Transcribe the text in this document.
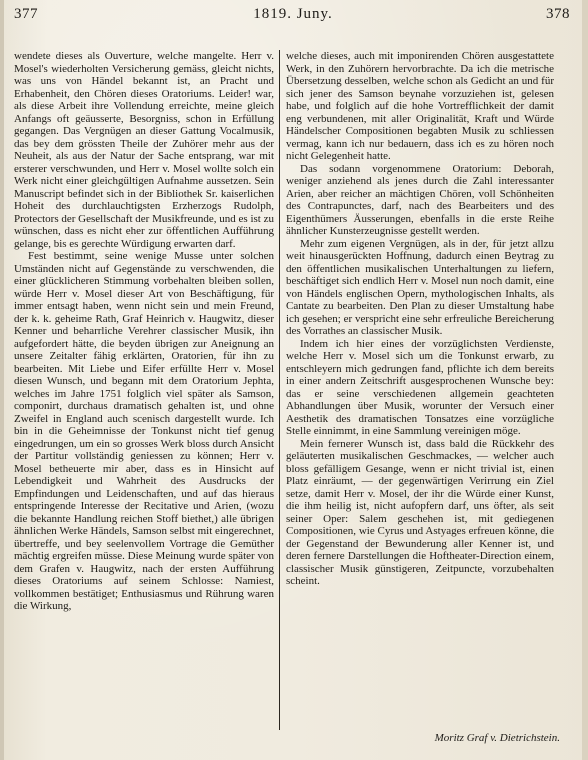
377	1819. Juny.	378

wendete dieses als Ouverture, welche mangelte. Herr v. Mosel's wiederholten Versicherung gemäss, gleicht nichts, was uns von Händel bekannt ist, an Pracht und Erhabenheit, den Chören dieses Oratoriums. Leider! war, als diese Arbeit ihre Vollendung erreichte, meine gleich Anfangs oft geäusserte, Besorgniss, schon in Erfüllung gegangen. Das Vergnügen an dieser Gattung Vocalmusik, das bey dem grössten Theile der Zuhörer mehr aus der Neuheit, als aus der Natur der Sache entsprang, war mit ersterer verschwunden, und Herr v. Mosel wollte solch ein Werk nicht einer gleichgültigen Aufnahme aussetzen. Sein Manuscript befindet sich in der Bibliothek Sr. kaiserlichen Hoheit des durchlauchtigsten Erzherzogs Rudolph, Protectors der Gesellschaft der Musikfreunde, und es ist zu wünschen, dass es nicht eher zur öffentlichen Aufführung gelange, bis es gerechte Würdigung erwarten darf.

Fest bestimmt, seine wenige Musse unter solchen Umständen nicht auf Gegenstände zu verschwenden, die einer glücklicheren Stimmung vorbehalten bleiben sollen, würde Herr v. Mosel dieser Art von Beschäftigung, für immer entsagt haben, wenn nicht sein und mein Freund, der k. k. geheime Rath, Graf Heinrich v. Haugwitz, dieser Kenner und beharrliche Verehrer classischer Musik, ihn aufgefordert hätte, die beyden übrigen zur Aneignung an unsere Zeitalter fähig erklärten, Oratorien, für ihn zu bearbeiten. Mit Liebe und Eifer erfüllte Herr v. Mosel diesen Wunsch, und begann mit dem Oratorium Jephta, welches im Jahre 1751 folglich viel später als Samson, componirt, durchaus dramatisch gehalten ist, und ohne Zweifel in England auch scenisch dargestellt wurde. Ich bin in die Geheimnisse der Tonkunst nicht tief genug eingedrungen, um ein so grosses Werk bloss durch Ansicht der Partitur vollständig geniessen zu können; Herr v. Mosel betheuerte mir aber, dass es in Hinsicht auf Lebendigkeit und Wahrheit des Ausdrucks der Empfindungen und Leidenschaften, und auf das hieraus entspringende Interesse der Recitative und Arien, (wozu die bekannte Handlung reichen Stoff biethet,) alle übrigen ähnlichen Werke Händels, Samson selbst mit eingerechnet, übertreffe, und bey seelenvollem Vortrage die Gemüther mächtig ergreifen müsse. Diese Meinung wurde später von dem Grafen v. Haugwitz, nach der ersten Aufführung dieses Oratoriums auf seinem Schlosse: Namiest, vollkommen bestätiget; Enthusiasmus und Rührung waren die Wirkung,

welche dieses, auch mit imponirenden Chören ausgestattete Werk, in den Zuhörern hervorbrachte. Da ich die metrische Übersetzung desselben, welche schon als Gedicht an und für sich jener des Samson beynahe vorzuziehen ist, gelesen habe, und folglich auf die hohe Vortrefflichkeit der damit eng verbundenen, mit aller Originalität, Kraft und Würde Händelscher Compositionen begabten Musik zu schliessen vermag, kann ich nur bedauern, dass ich es zu hören noch nicht Gelegenheit hatte.

Das sodann vorgenommene Oratorium: Deborah, weniger anziehend als jenes durch die Zahl interessanter Arien, aber reicher an mächtigen Chören, voll Schönheiten des Contrapunctes, darf, nach des Bearbeiters und des Eigenthümers Äusserungen, ebenfalls in die erste Reihe ähnlicher Kunsterzeugnisse gestellt werden.

Mehr zum eigenen Vergnügen, als in der, für jetzt allzu weit hinausgerückten Hoffnung, dadurch einen Beytrag zu den öffentlichen musikalischen Unterhaltungen zu liefern, beschäftiget sich endlich Herr v. Mosel nun noch damit, eine von Händels englischen Opern, mythologischen Inhalts, als Cantate zu bearbeiten. Den Plan zu dieser Umstaltung habe ich gesehen; er verspricht eine sehr erfreuliche Bereicherung des Vorrathes an classischer Musik.

Indem ich hier eines der vorzüglichsten Verdienste, welche Herr v. Mosel sich um die Tonkunst erwarb, zu entschleyern mich gedrungen fand, pflichte ich dem bereits in einer andern Zeitschrift ausgesprochenen Wunsche bey: das er seine verschiedenen allgemein geachteten Abhandlungen über Musik, worunter der Versuch einer Aesthetik des dramatischen Tonsatzes eine vorzügliche Stelle einnimmt, in eine Sammlung vereinigen möge.

Mein fernerer Wunsch ist, dass bald die Rückkehr des geläuterten musikalischen Geschmackes, — welcher auch bloss gefälligem Gesange, wenn er nicht trivial ist, einen Platz einräumt, — der gegenwärtigen Verirrung ein Ziel setze, damit Herr v. Mosel, der ihr die Würde einer Kunst, die ihm heilig ist, nicht aufopfern darf, uns öfter, als seit seiner Oper: Salem geschehen ist, mit gediegenen Compositionen, wie Cyrus und Astyages erfreuen könne, die der Gegenstand der Bewunderung aller Kenner ist, und deren fernere Darstellungen die Hoftheater-Direction einem, classischer Musik günstigeren, Zeitpuncte, vorzubehalten scheint.

Moritz Graf v. Dietrichstein.
